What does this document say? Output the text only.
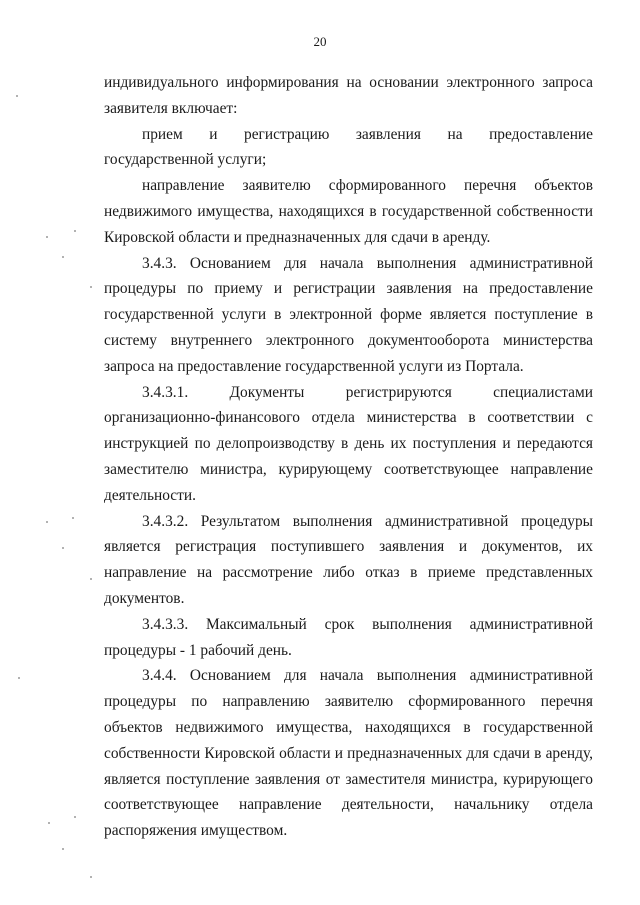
20

индивидуального информирования на основании электронного запроса заявителя включает:

прием и регистрацию заявления на предоставление государственной услуги;

направление заявителю сформированного перечня объектов недвижимого имущества, находящихся в государственной собственности Кировской области и предназначенных для сдачи в аренду.

3.4.3. Основанием для начала выполнения административной процедуры по приему и регистрации заявления на предоставление государственной услуги в электронной форме является поступление в систему внутреннего электронного документооборота министерства запроса на предоставление государственной услуги из Портала.

3.4.3.1. Документы регистрируются специалистами организационно-финансового отдела министерства в соответствии с инструкцией по делопроизводству в день их поступления и передаются заместителю министра, курирующему соответствующее направление деятельности.

3.4.3.2. Результатом выполнения административной процедуры является регистрация поступившего заявления и документов, их направление на рассмотрение либо отказ в приеме представленных документов.

3.4.3.3. Максимальный срок выполнения административной процедуры - 1 рабочий день.

3.4.4. Основанием для начала выполнения административной процедуры по направлению заявителю сформированного перечня объектов недвижимого имущества, находящихся в государственной собственности Кировской области и предназначенных для сдачи в аренду, является поступление заявления от заместителя министра, курирующего соответствующее направление деятельности, начальнику отдела распоряжения имуществом.
